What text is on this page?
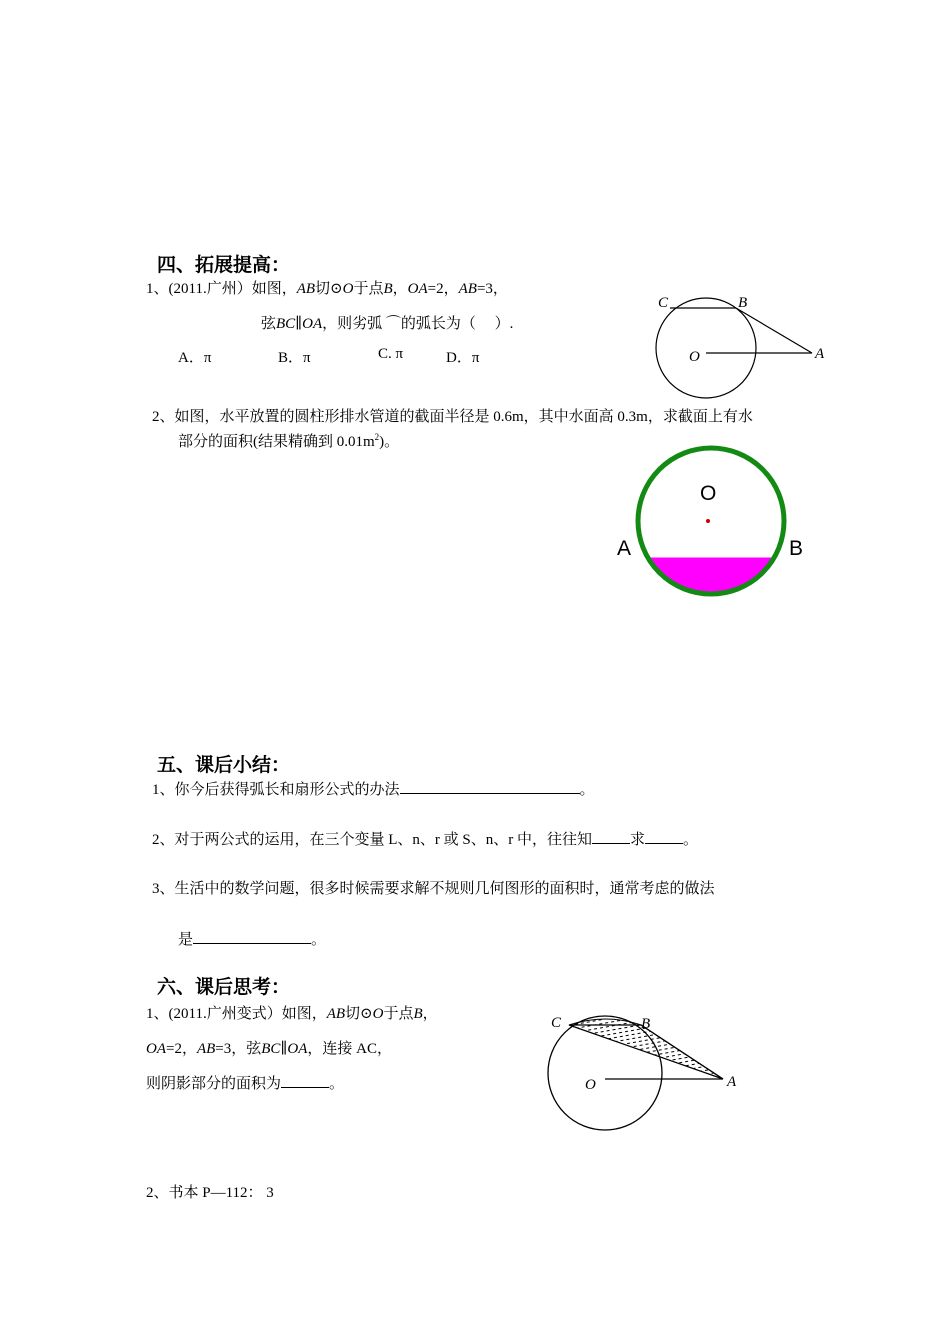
四、拓展提高：
1、(2011.广州）如图，AB切⊙O于点B，OA=2，AB=3，
弦BC∥OA，则劣弧 ⌒的弧长为（　 ）.
A．π	B．π	C. π	D．π
C	B
O	A
2、如图，水平放置的圆柱形排水管道的截面半径是 0.6m，其中水面高 0.3m，求截面上有水
部分的面积(结果精确到 $0.01m^2$)。
O
A	B
五、课后小结：
1、你今后获得弧长和扇形公式的办法	。
2、对于两公式的运用，在三个变量 L、n、r 或 S、n、r 中，往往知	求	。
3、生活中的数学问题，很多时候需要求解不规则几何图形的面积时，通常考虑的做法
是	。
六、课后思考：
1、(2011.广州变式）如图，AB切⊙O于点B，
OA=2，AB=3，弦BC∥OA，连接 AC，
则阴影部分的面积为	。
C	B
O	A
2、书本 P—112： 3
